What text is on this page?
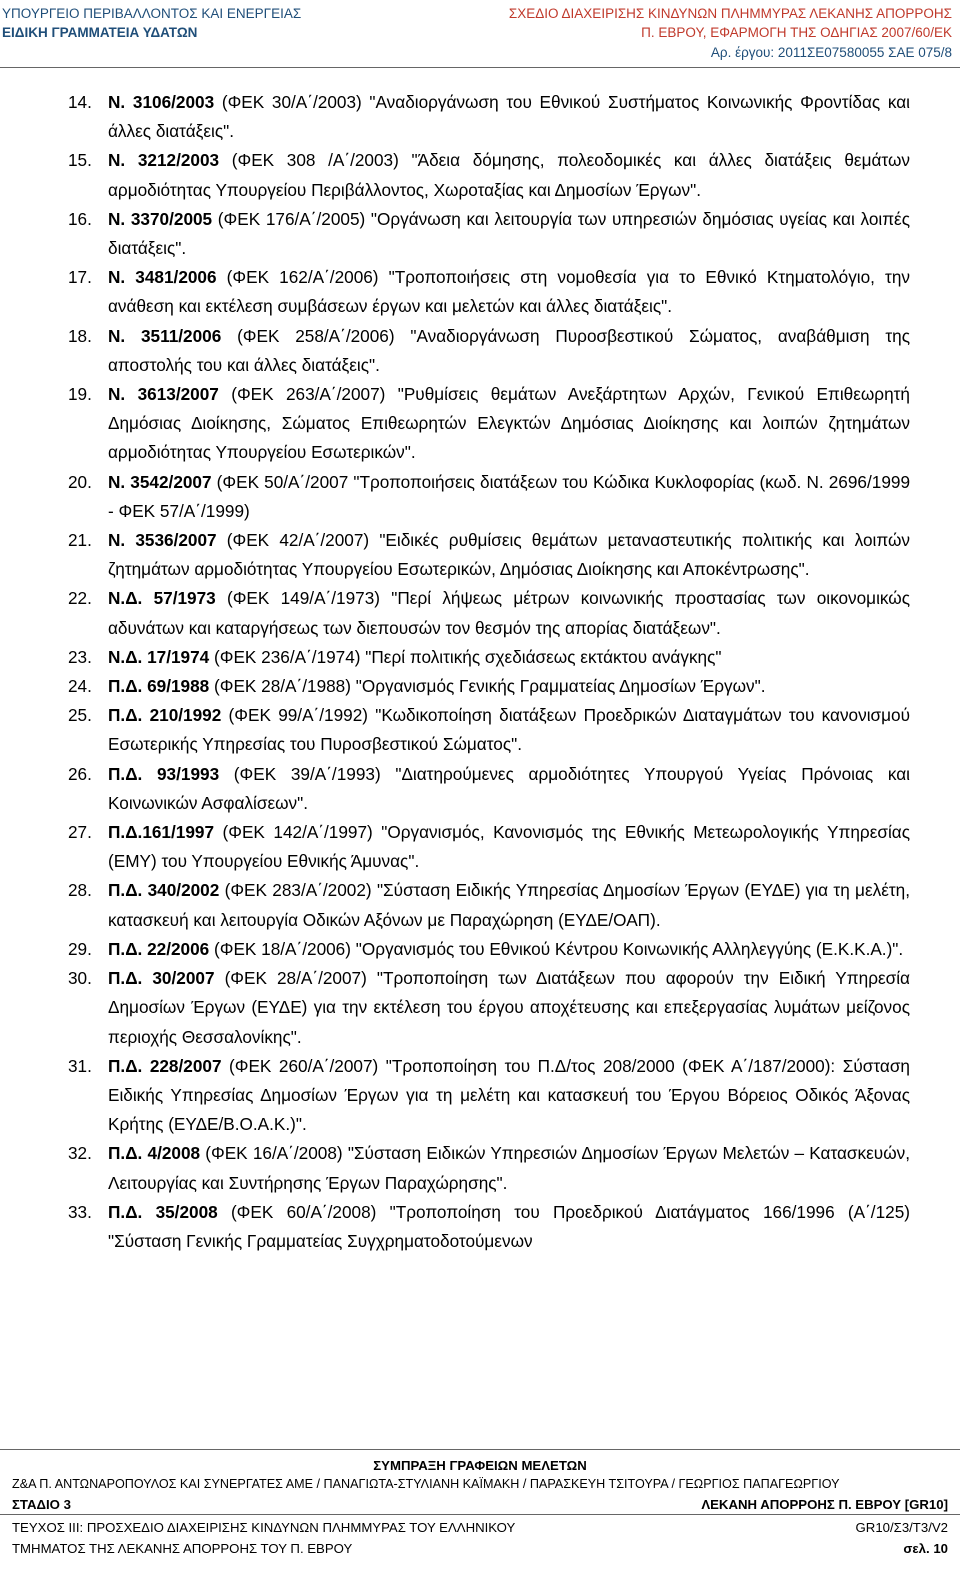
ΥΠΟΥΡΓΕΙΟ ΠΕΡΙΒΑΛΛΟΝΤΟΣ ΚΑΙ ΕΝΕΡΓΕΙΑΣ
ΕΙΔΙΚΗ ΓΡΑΜΜΑΤΕΙΑ ΥΔΑΤΩΝ
ΣΧΕΔΙΟ ΔΙΑΧΕΙΡΙΣΗΣ ΚΙΝΔΥΝΩΝ ΠΛΗΜΜΥΡΑΣ ΛΕΚΑΝΗΣ ΑΠΟΡΡΟΗΣ
Π. ΕΒΡΟΥ, ΕΦΑΡΜΟΓΗ ΤΗΣ ΟΔΗΓΙΑΣ 2007/60/ΕΚ
Αρ. έργου: 2011ΣΕ07580055 ΣΑΕ 075/8
14. Ν. 3106/2003 (ΦΕΚ 30/Α΄/2003) "Αναδιοργάνωση του Εθνικού Συστήματος Κοινωνικής Φροντίδας και άλλες διατάξεις".
15. Ν. 3212/2003 (ΦΕΚ 308 /Α΄/2003) "Άδεια δόμησης, πολεοδομικές και άλλες διατάξεις θεμάτων αρμοδιότητας Υπουργείου Περιβάλλοντος, Χωροταξίας και Δημοσίων Έργων".
16. Ν. 3370/2005 (ΦΕΚ 176/Α΄/2005) "Οργάνωση και λειτουργία των υπηρεσιών δημόσιας υγείας και λοιπές διατάξεις".
17. Ν. 3481/2006 (ΦΕΚ 162/Α΄/2006) "Τροποποιήσεις στη νομοθεσία για το Εθνικό Κτηματολόγιο, την ανάθεση και εκτέλεση συμβάσεων έργων και μελετών και άλλες διατάξεις".
18. Ν. 3511/2006 (ΦΕΚ 258/Α΄/2006) "Αναδιοργάνωση Πυροσβεστικού Σώματος, αναβάθμιση της αποστολής του και άλλες διατάξεις".
19. Ν. 3613/2007 (ΦΕΚ 263/Α΄/2007) "Ρυθμίσεις θεμάτων Ανεξάρτητων Αρχών, Γενικού Επιθεωρητή Δημόσιας Διοίκησης, Σώματος Επιθεωρητών Ελεγκτών Δημόσιας Διοίκησης και λοιπών ζητημάτων αρμοδιότητας Υπουργείου Εσωτερικών".
20. Ν. 3542/2007 (ΦΕΚ 50/Α΄/2007 "Τροποποιήσεις διατάξεων του Κώδικα Κυκλοφορίας (κωδ. Ν. 2696/1999 - ΦΕΚ 57/Α΄/1999)
21. Ν. 3536/2007 (ΦΕΚ 42/Α΄/2007) "Ειδικές ρυθμίσεις θεμάτων μεταναστευτικής πολιτικής και λοιπών ζητημάτων αρμοδιότητας Υπουργείου Εσωτερικών, Δημόσιας Διοίκησης και Αποκέντρωσης".
22. Ν.Δ. 57/1973 (ΦΕΚ 149/Α΄/1973) "Περί λήψεως μέτρων κοινωνικής προστασίας των οικονομικώς αδυνάτων και καταργήσεως των διεπουσών τον θεσμόν της απορίας διατάξεων".
23. Ν.Δ. 17/1974 (ΦΕΚ 236/Α΄/1974) "Περί πολιτικής σχεδιάσεως εκτάκτου ανάγκης"
24. Π.Δ. 69/1988 (ΦΕΚ 28/Α΄/1988) "Οργανισμός Γενικής Γραμματείας Δημοσίων Έργων".
25. Π.Δ. 210/1992 (ΦΕΚ 99/Α΄/1992) "Κωδικοποίηση διατάξεων Προεδρικών Διαταγμάτων του κανονισμού Εσωτερικής Υπηρεσίας του Πυροσβεστικού Σώματος".
26. Π.Δ. 93/1993 (ΦΕΚ 39/Α΄/1993) "Διατηρούμενες αρμοδιότητες Υπουργού Υγείας Πρόνοιας και Κοινωνικών Ασφαλίσεων".
27. Π.Δ.161/1997 (ΦΕΚ 142/Α΄/1997) "Οργανισμός, Κανονισμός της Εθνικής Μετεωρολογικής Υπηρεσίας (ΕΜΥ) του Υπουργείου Εθνικής Άμυνας".
28. Π.Δ. 340/2002 (ΦΕΚ 283/Α΄/2002) "Σύσταση Ειδικής Υπηρεσίας Δημοσίων Έργων (ΕΥΔΕ) για τη μελέτη, κατασκευή και λειτουργία Οδικών Αξόνων με Παραχώρηση (ΕΥΔΕ/ΟΑΠ).
29. Π.Δ. 22/2006 (ΦΕΚ 18/Α΄/2006) "Οργανισμός του Εθνικού Κέντρου Κοινωνικής Αλληλεγγύης (Ε.Κ.Κ.Α.)".
30. Π.Δ. 30/2007 (ΦΕΚ 28/Α΄/2007) "Τροποποίηση των Διατάξεων που αφορούν την Ειδική Υπηρεσία Δημοσίων Έργων (ΕΥΔΕ) για την εκτέλεση του έργου αποχέτευσης και επεξεργασίας λυμάτων μείζονος περιοχής Θεσσαλονίκης".
31. Π.Δ. 228/2007 (ΦΕΚ 260/Α΄/2007) "Τροποποίηση του Π.Δ/τος 208/2000 (ΦΕΚ Α΄/187/2000): Σύσταση Ειδικής Υπηρεσίας Δημοσίων Έργων για τη μελέτη και κατασκευή του Έργου Βόρειος Οδικός Άξονας Κρήτης (ΕΥΔΕ/Β.Ο.Α.Κ.)".
32. Π.Δ. 4/2008 (ΦΕΚ 16/Α΄/2008) "Σύσταση Ειδικών Υπηρεσιών Δημοσίων Έργων Μελετών – Κατασκευών, Λειτουργίας και Συντήρησης Έργων Παραχώρησης".
33. Π.Δ. 35/2008 (ΦΕΚ 60/Α΄/2008) "Τροποποίηση του Προεδρικού Διατάγματος 166/1996 (Α΄/125) "Σύσταση Γενικής Γραμματείας Συγχρηματοδοτούμενων
ΣΥΜΠΡΑΞΗ ΓΡΑΦΕΙΩΝ ΜΕΛΕΤΩΝ
Ζ&Α Π. ΑΝΤΩΝΑΡΟΠΟΥΛΟΣ ΚΑΙ ΣΥΝΕΡΓΑΤΕΣ ΑΜΕ / ΠΑΝΑΓΙΩΤΑ-ΣΤΥΛΙΑΝΗ ΚΑΪΜΑΚΗ / ΠΑΡΑΣΚΕΥΗ ΤΣΙΤΟΥΡΑ / ΓΕΩΡΓΙΟΣ ΠΑΠΑΓΕΩΡΓΙΟΥ
ΣΤΑΔΙΟ 3	ΛΕΚΑΝΗ ΑΠΟΡΡΟΗΣ Π. ΕΒΡΟΥ [GR10]
ΤΕΥΧΟΣ ΙΙΙ: ΠΡΟΣΧΕΔΙΟ ΔΙΑΧΕΙΡΙΣΗΣ ΚΙΝΔΥΝΩΝ ΠΛΗΜΜΥΡΑΣ ΤΟΥ ΕΛΛΗΝΙΚΟΥ
ΤΜΗΜΑΤΟΣ ΤΗΣ ΛΕΚΑΝΗΣ ΑΠΟΡΡΟΗΣ ΤΟΥ Π. ΕΒΡΟΥ
GR10/Σ3/Τ3/V2
σελ. 10
